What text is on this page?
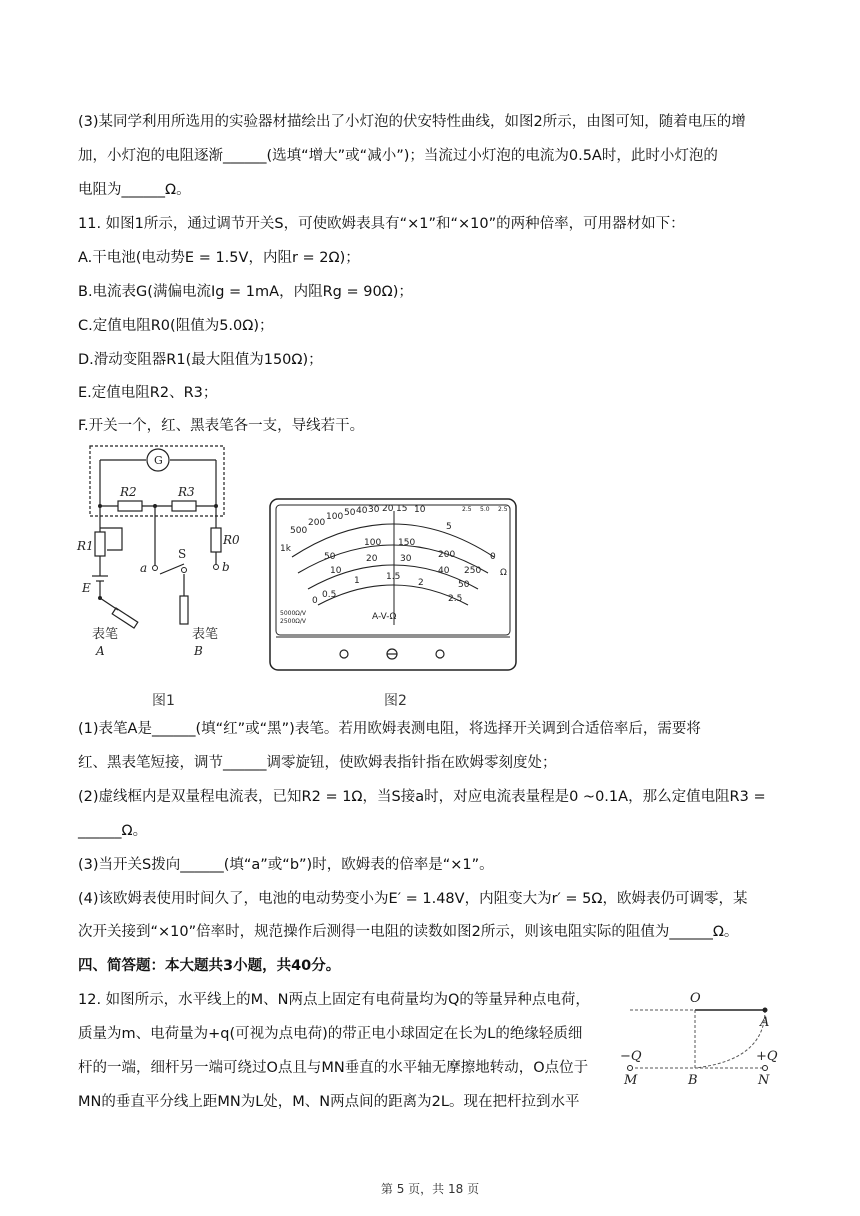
(3)某同学利用所选用的实验器材描绘出了小灯泡的伏安特性曲线，如图2所示，由图可知，随着电压的增
加，小灯泡的电阻逐渐______(选填“增大”或“减小”)；当流过小灯泡的电流为0.5A时，此时小灯泡的
电阻为______Ω。
11. 如图1所示，通过调节开关S，可使欧姆表具有“×1”和“×10”的两种倍率，可用器材如下：
A.干电池(电动势E = 1.5V，内阻r = 2Ω)；
B.电流表G(满偏电流Ig = 1mA，内阻Rg = 90Ω)；
C.定值电阻R0(阻值为5.0Ω)；
D.滑动变阻器R1(最大阻值为150Ω)；
E.定值电阻R2、R3；
F.开关一个，红、黑表笔各一支，导线若干。
G
R2	R3
R1	R0
E
a
S
b
表笔
A
表笔
B
500
1k
200
100 50 40 30 20 15 10
5
0
Ω
50
100 150
200
250
10
20	30
40
50
0
0.5
1	1.5
2
2.5
A-V-Ω
5000Ω/V
2500Ω/V
2.5 5.0 2.5
图1	图2
(1)表笔A是______(填“红”或“黑”)表笔。若用欧姆表测电阻，将选择开关调到合适倍率后，需要将
红、黑表笔短接，调节______调零旋钮，使欧姆表指针指在欧姆零刻度处；
(2)虚线框内是双量程电流表，已知R2 = 1Ω，当S接a时，对应电流表量程是0 ~0.1A，那么定值电阻R3 =
______Ω。
(3)当开关S拨向______(填“a”或“b”)时，欧姆表的倍率是“×1”。
(4)该欧姆表使用时间久了，电池的电动势变小为E′ = 1.48V，内阻变大为r′ = 5Ω，欧姆表仍可调零，某
次开关接到“×10”倍率时，规范操作后测得一电阻的读数如图2所示，则该电阻实际的阻值为______Ω。
四、简答题：本大题共3小题，共40分。
12. 如图所示，水平线上的M、N两点上固定有电荷量均为Q的等量异种点电荷，
质量为m、电荷量为+q(可视为点电荷)的带正电小球固定在长为L的绝缘轻质细
杆的一端，细杆另一端可绕过O点且与MN垂直的水平轴无摩擦地转动，O点位于
MN的垂直平分线上距MN为L处，M、N两点间的距离为2L。现在把杆拉到水平
O
A
B
M	N
−Q	+Q
第 5 页，共 18 页
